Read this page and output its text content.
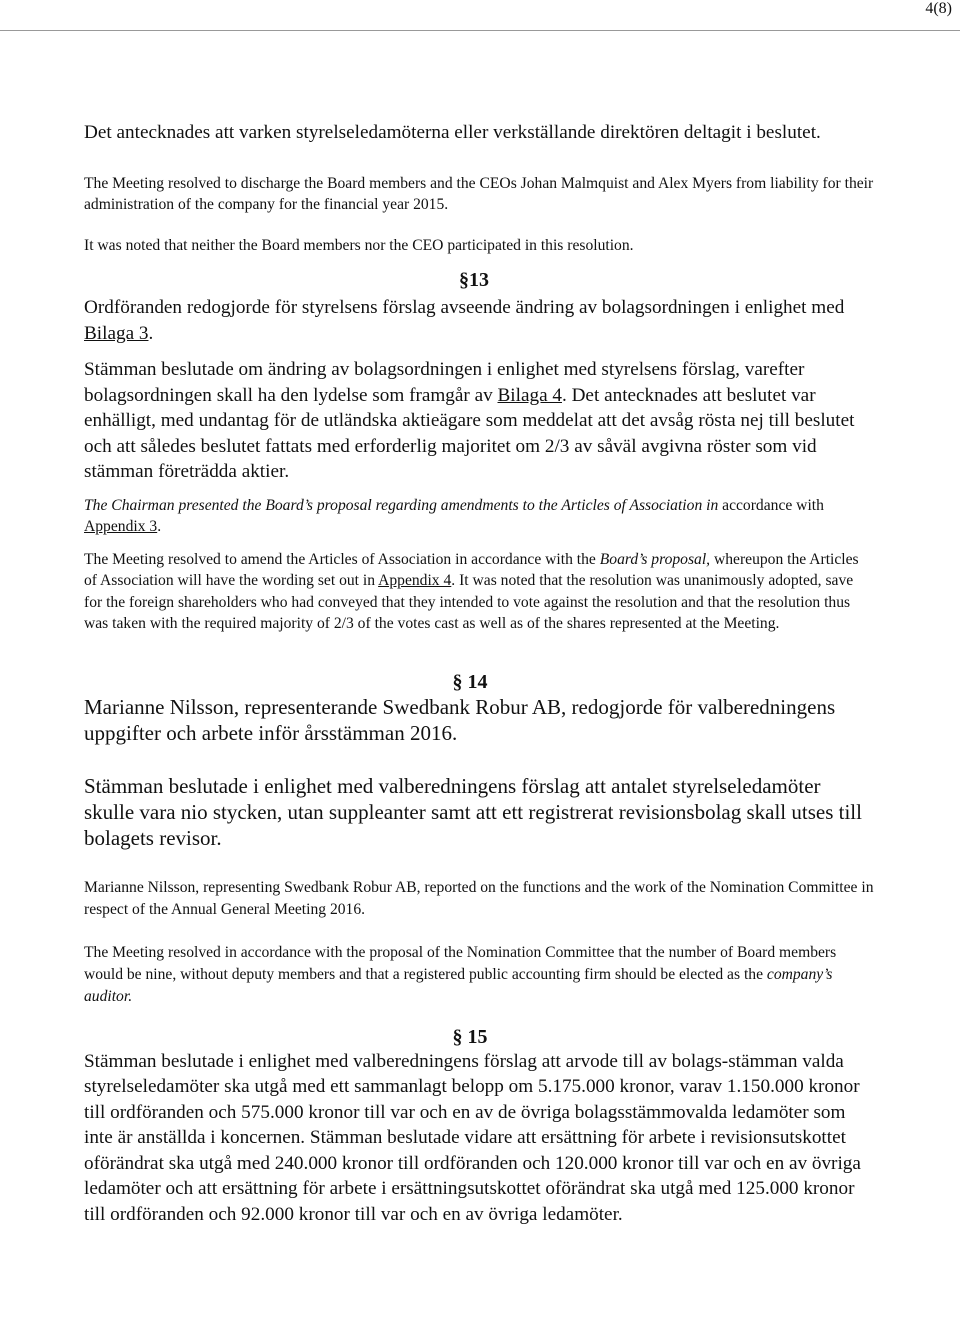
4(8)

Det antecknades att varken styrelseledamöterna eller verkställande direktören deltagit i beslutet.

The Meeting resolved to discharge the Board members and the CEOs Johan Malmquist and Alex Myers from liability for their administration of the company for the financial year 2015.

It was noted that neither the Board members nor the CEO participated in this resolution.

§13

Ordföranden redogjorde för styrelsens förslag avseende ändring av bolagsordningen i enlighet med Bilaga 3.

Stämman beslutade om ändring av bolagsordningen i enlighet med styrelsens förslag, varefter bolagsordningen skall ha den lydelse som framgår av Bilaga 4. Det antecknades att beslutet var enhälligt, med undantag för de utländska aktieägare som meddelat att det avsåg rösta nej till beslutet och att således beslutet fattats med erforderlig majoritet om 2/3 av såväl avgivna röster som vid stämman företrädda aktier.

The Chairman presented the Board’s proposal regarding amendments to the Articles of Association in accordance with Appendix 3.

The Meeting resolved to amend the Articles of Association in accordance with the Board’s proposal, whereupon the Articles of Association will have the wording set out in Appendix 4. It was noted that the resolution was unanimously adopted, save for the foreign shareholders who had conveyed that they intended to vote against the resolution and that the resolution thus was taken with the required majority of 2/3 of the votes cast as well as of the shares represented at the Meeting.

§ 14

Marianne Nilsson, representerande Swedbank Robur AB, redogjorde för valberedningens uppgifter och arbete inför årsstämman 2016.

Stämman beslutade i enlighet med valberedningens förslag att antalet styrelseledamöter skulle vara nio stycken, utan suppleanter samt att ett registrerat revisionsbolag skall utses till bolagets revisor.

Marianne Nilsson, representing Swedbank Robur AB, reported on the functions and the work of the Nomination Committee in respect of the Annual General Meeting 2016.

The Meeting resolved in accordance with the proposal of the Nomination Committee that the number of Board members would be nine, without deputy members and that a registered public accounting firm should be elected as the company’s auditor.

§ 15

Stämman beslutade i enlighet med valberedningens förslag att arvode till av bolags-stämman valda styrelseledamöter ska utgå med ett sammanlagt belopp om 5.175.000 kronor, varav 1.150.000 kronor till ordföranden och 575.000 kronor till var och en av de övriga bolagsstämmovalda ledamöter som inte är anställda i koncernen. Stämman beslutade vidare att ersättning för arbete i revisionsutskottet oförändrat ska utgå med 240.000 kronor till ordföranden och 120.000 kronor till var och en av övriga ledamöter och att ersättning för arbete i ersättningsutskottet oförändrat ska utgå med 125.000 kronor till ordföranden och 92.000 kronor till var och en av övriga ledamöter.
